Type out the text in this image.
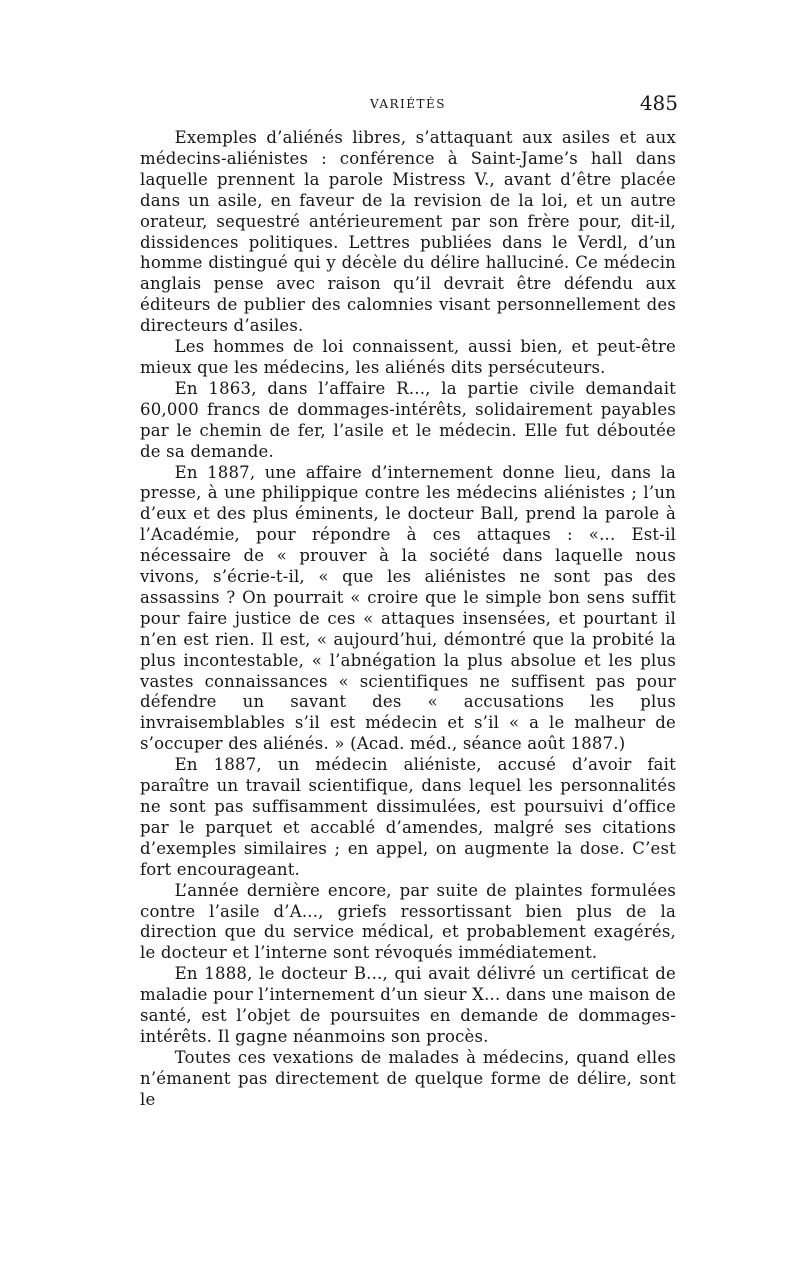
VARIÉTÉS	485

Exemples d’aliénés libres, s’attaquant aux asiles et aux médecins-aliénistes : conférence à Saint-Jame’s hall dans laquelle prennent la parole Mistress V., avant d’être placée dans un asile, en faveur de la revision de la loi, et un autre orateur, sequestré antérieurement par son frère pour, dit-il, dissidences politiques. Lettres publiées dans le Verdl, d’un homme distingué qui y décèle du délire halluciné. Ce médecin anglais pense avec raison qu’il devrait être défendu aux éditeurs de publier des calomnies visant personnellement des directeurs d’asiles.

Les hommes de loi connaissent, aussi bien, et peut-être mieux que les médecins, les aliénés dits persécuteurs.

En 1863, dans l’affaire R..., la partie civile demandait 60,000 francs de dommages-intérêts, solidairement payables par le chemin de fer, l’asile et le médecin. Elle fut déboutée de sa demande.

En 1887, une affaire d’internement donne lieu, dans la presse, à une philippique contre les médecins aliénistes ; l’un d’eux et des plus éminents, le docteur Ball, prend la parole à l’Académie, pour répondre à ces attaques : «... Est-il nécessaire de « prouver à la société dans laquelle nous vivons, s’écrie-t-il, « que les aliénistes ne sont pas des assassins ? On pourrait « croire que le simple bon sens suffit pour faire justice de ces « attaques insensées, et pourtant il n’en est rien. Il est, « aujourd’hui, démontré que la probité la plus incontestable, « l’abnégation la plus absolue et les plus vastes connaissances « scientifiques ne suffisent pas pour défendre un savant des « accusations les plus invraisemblables s’il est médecin et s’il « a le malheur de s’occuper des aliénés. » (Acad. méd., séance août 1887.)

En 1887, un médecin aliéniste, accusé d’avoir fait paraître un travail scientifique, dans lequel les personnalités ne sont pas suffisamment dissimulées, est poursuivi d’office par le parquet et accablé d’amendes, malgré ses citations d’exemples similaires ; en appel, on augmente la dose. C’est fort encourageant.

L’année dernière encore, par suite de plaintes formulées contre l’asile d’A..., griefs ressortissant bien plus de la direction que du service médical, et probablement exagérés, le docteur et l’interne sont révoqués immédiatement.

En 1888, le docteur B..., qui avait délivré un certificat de maladie pour l’internement d’un sieur X... dans une maison de santé, est l’objet de poursuites en demande de dommages-intérêts. Il gagne néanmoins son procès.

Toutes ces vexations de malades à médecins, quand elles n’émanent pas directement de quelque forme de délire, sont le
